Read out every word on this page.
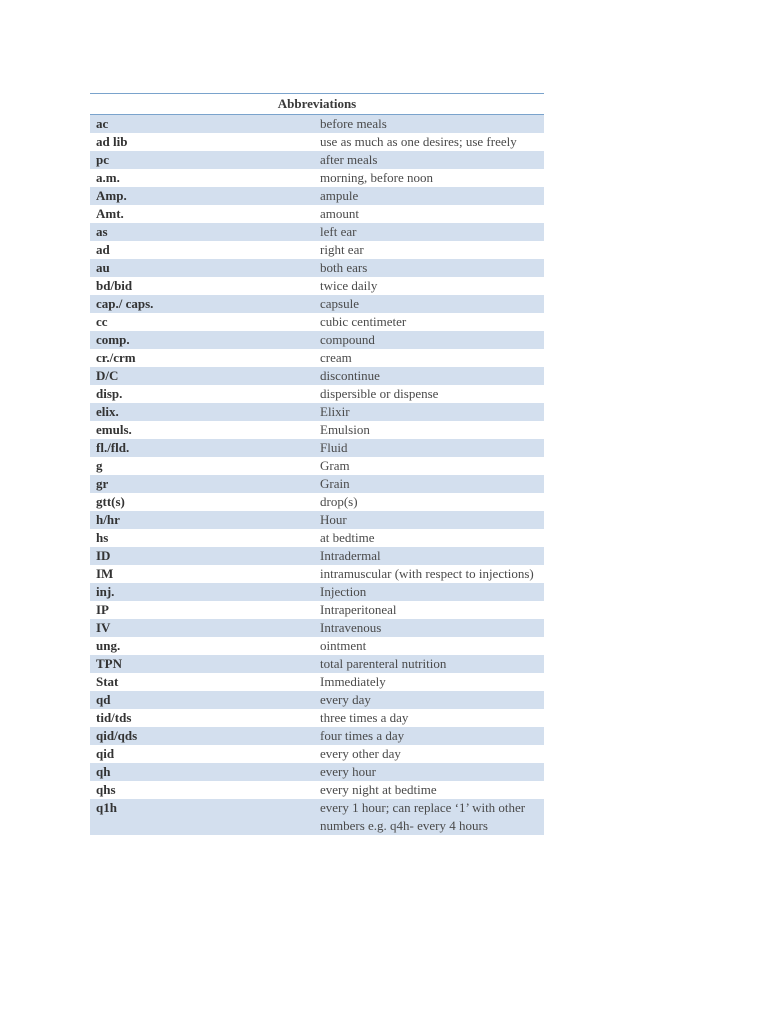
Abbreviations	
ac	before meals
ad lib	use as much as one desires; use freely
pc	after meals
a.m.	morning, before noon
Amp.	ampule
Amt.	amount
as	left ear
ad	right ear
au	both ears
bd/bid	twice daily
cap./ caps.	capsule
cc	cubic centimeter
comp.	compound
cr./crm	cream
D/C	discontinue
disp.	dispersible or dispense
elix.	Elixir
emuls.	Emulsion
fl./fld.	Fluid
g	Gram
gr	Grain
gtt(s)	drop(s)
h/hr	Hour
hs	at bedtime
ID	Intradermal
IM	intramuscular (with respect to injections)
inj.	Injection
IP	Intraperitoneal
IV	Intravenous
ung.	ointment
TPN	total parenteral nutrition
Stat	Immediately
qd	every day
tid/tds	three times a day
qid/qds	four times a day
qid	every other day
qh	every hour
qhs	every night at bedtime
q1h	every 1 hour; can replace ‘1’ with other numbers e.g. q4h- every 4 hours
